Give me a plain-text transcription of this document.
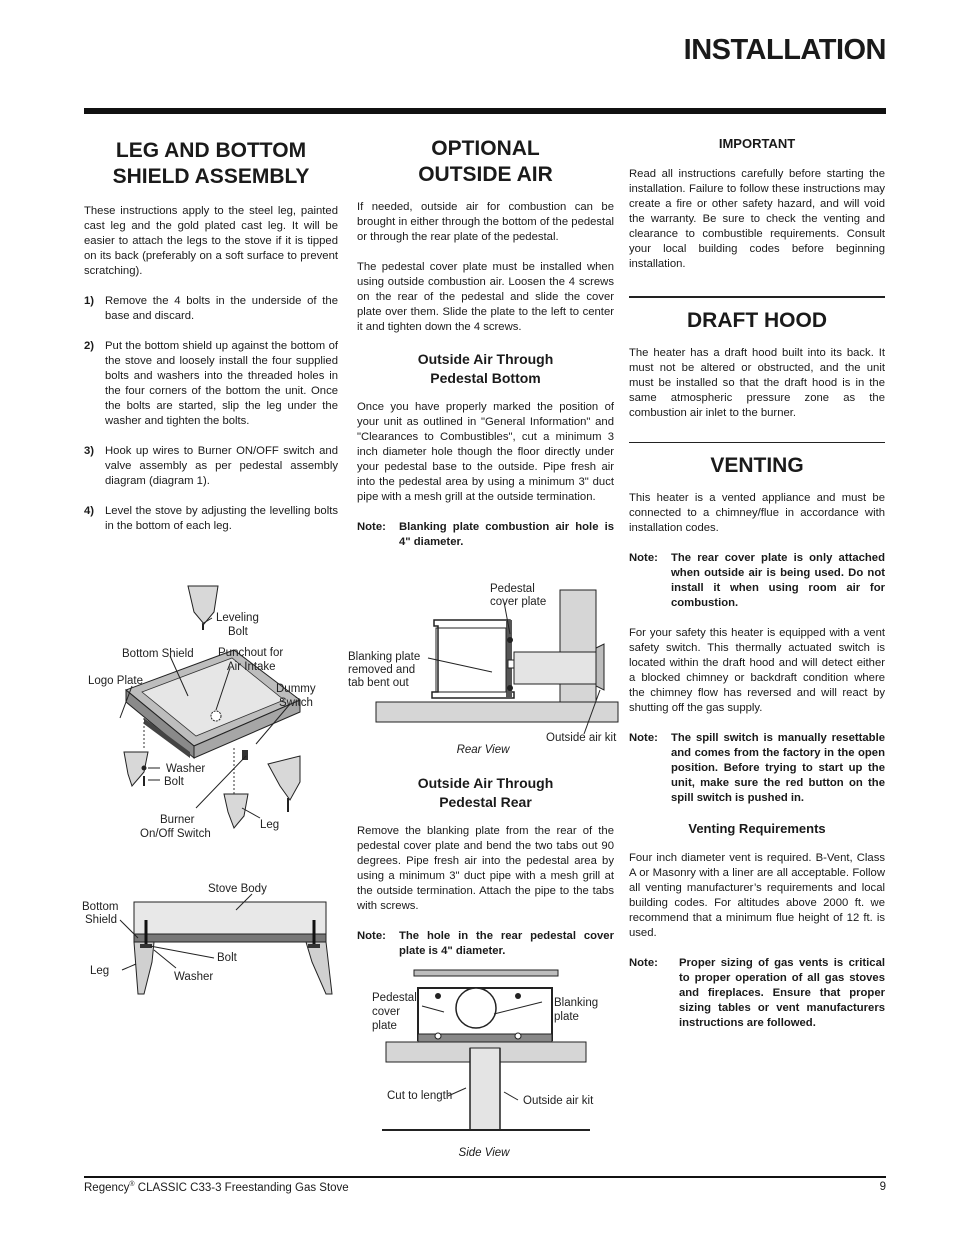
INSTALLATION
LEG AND BOTTOM
SHIELD ASSEMBLY

These instructions apply to the steel leg, painted cast leg and the gold plated cast leg. It will be easier to attach the legs to the stove if it is tipped on its back (preferably on a soft surface to prevent scratching).

1) Remove the 4 bolts in the underside of the base and discard.
2) Put the bottom shield up against the bottom of the stove and loosely install the four supplied bolts and washers into the threaded holes in the four corners of the bottom the unit. Once the bolts are started, slip the leg under the washer and tighten the bolts.
3) Hook up wires to Burner ON/OFF switch and valve assembly as per pedestal assembly diagram (diagram 1).
4) Level the stove by adjusting the levelling bolts in the bottom of each leg.
Leveling
Bolt
Bottom Shield Punchout for
Air Intake
Logo Plate
Dummy
Switch
Washer
Bolt
Burner
On/Off Switch
Leg
Stove Body
Bottom
Shield
Bolt
Leg	Washer
OPTIONAL
OUTSIDE AIR

If needed, outside air for combustion can be brought in either through the bottom of the pedestal or through the rear plate of the pedestal.

The pedestal cover plate must be installed when using outside combustion air. Loosen the 4 screws on the rear of the pedestal and slide the cover plate over them. Slide the plate to the left to center it and tighten down the 4 screws.

Outside Air Through
Pedestal Bottom

Once you have properly marked the position of your unit as outlined in "General Information" and "Clearances to Combustibles", cut a minimum 3 inch diameter hole though the floor directly under your pedestal base to the outside. Pipe fresh air into the pedestal area by using a minimum 3" duct pipe with a mesh grill at the outside termination.

Note: Blanking plate combustion air hole is 4" diameter.
Pedestal
cover plate
Blanking plate
removed and
tab bent out
Outside air kit
Rear View
Outside Air Through
Pedestal Rear

Remove the blanking plate from the rear of the pedestal cover plate and bend the two tabs out 90 degrees. Pipe fresh air into the pedestal area by using a minimum 3" duct pipe with a mesh grill at the outside termination. Attach the pipe to the tabs with screws.

Note: The hole in the rear pedestal cover plate is 4" diameter.
Pedestal
cover
plate
Blanking
plate
Cut to length	Outside air kit
Side View
IMPORTANT

Read all instructions carefully before starting the installation. Failure to follow these instructions may create a fire or other safety hazard, and will void the warranty. Be sure to check the venting and clearance to combustible requirements. Consult your local building codes before beginning installation.

DRAFT HOOD

The heater has a draft hood built into its back. It must not be altered or obstructed, and the unit must be installed so that the draft hood is in the same atmospheric pressure zone as the combustion air inlet to the burner.

VENTING

This heater is a vented appliance and must be connected to a chimney/flue in accordance with installation codes.

Note: The rear cover plate is only attached when outside air is being used. Do not install it when using room air for combustion.

For your safety this heater is equipped with a vent safety switch. This thermally actuated switch is located within the draft hood and will detect either a blocked chimney or backdraft condition where the chimney flow has reversed and will react by shutting off the gas supply.

Note: The spill switch is manually resettable and comes from the factory in the open position. Before trying to start up the unit, make sure the red button on the spill switch is pushed in.
Venting Requirements

Four inch diameter vent is required. B-Vent, Class A or Masonry with a liner are all acceptable. Follow all venting manufacturer’s requirements and local building codes. For altitudes above 2000 ft. we recommend that a minimum flue height of 12 ft. is used.

Note: Proper sizing of gas vents is critical to proper operation of all gas stoves and fireplaces. Ensure that proper sizing tables or vent manufacturers instructions are followed.
Regency® CLASSIC C33-3 Freestanding Gas Stove	9
